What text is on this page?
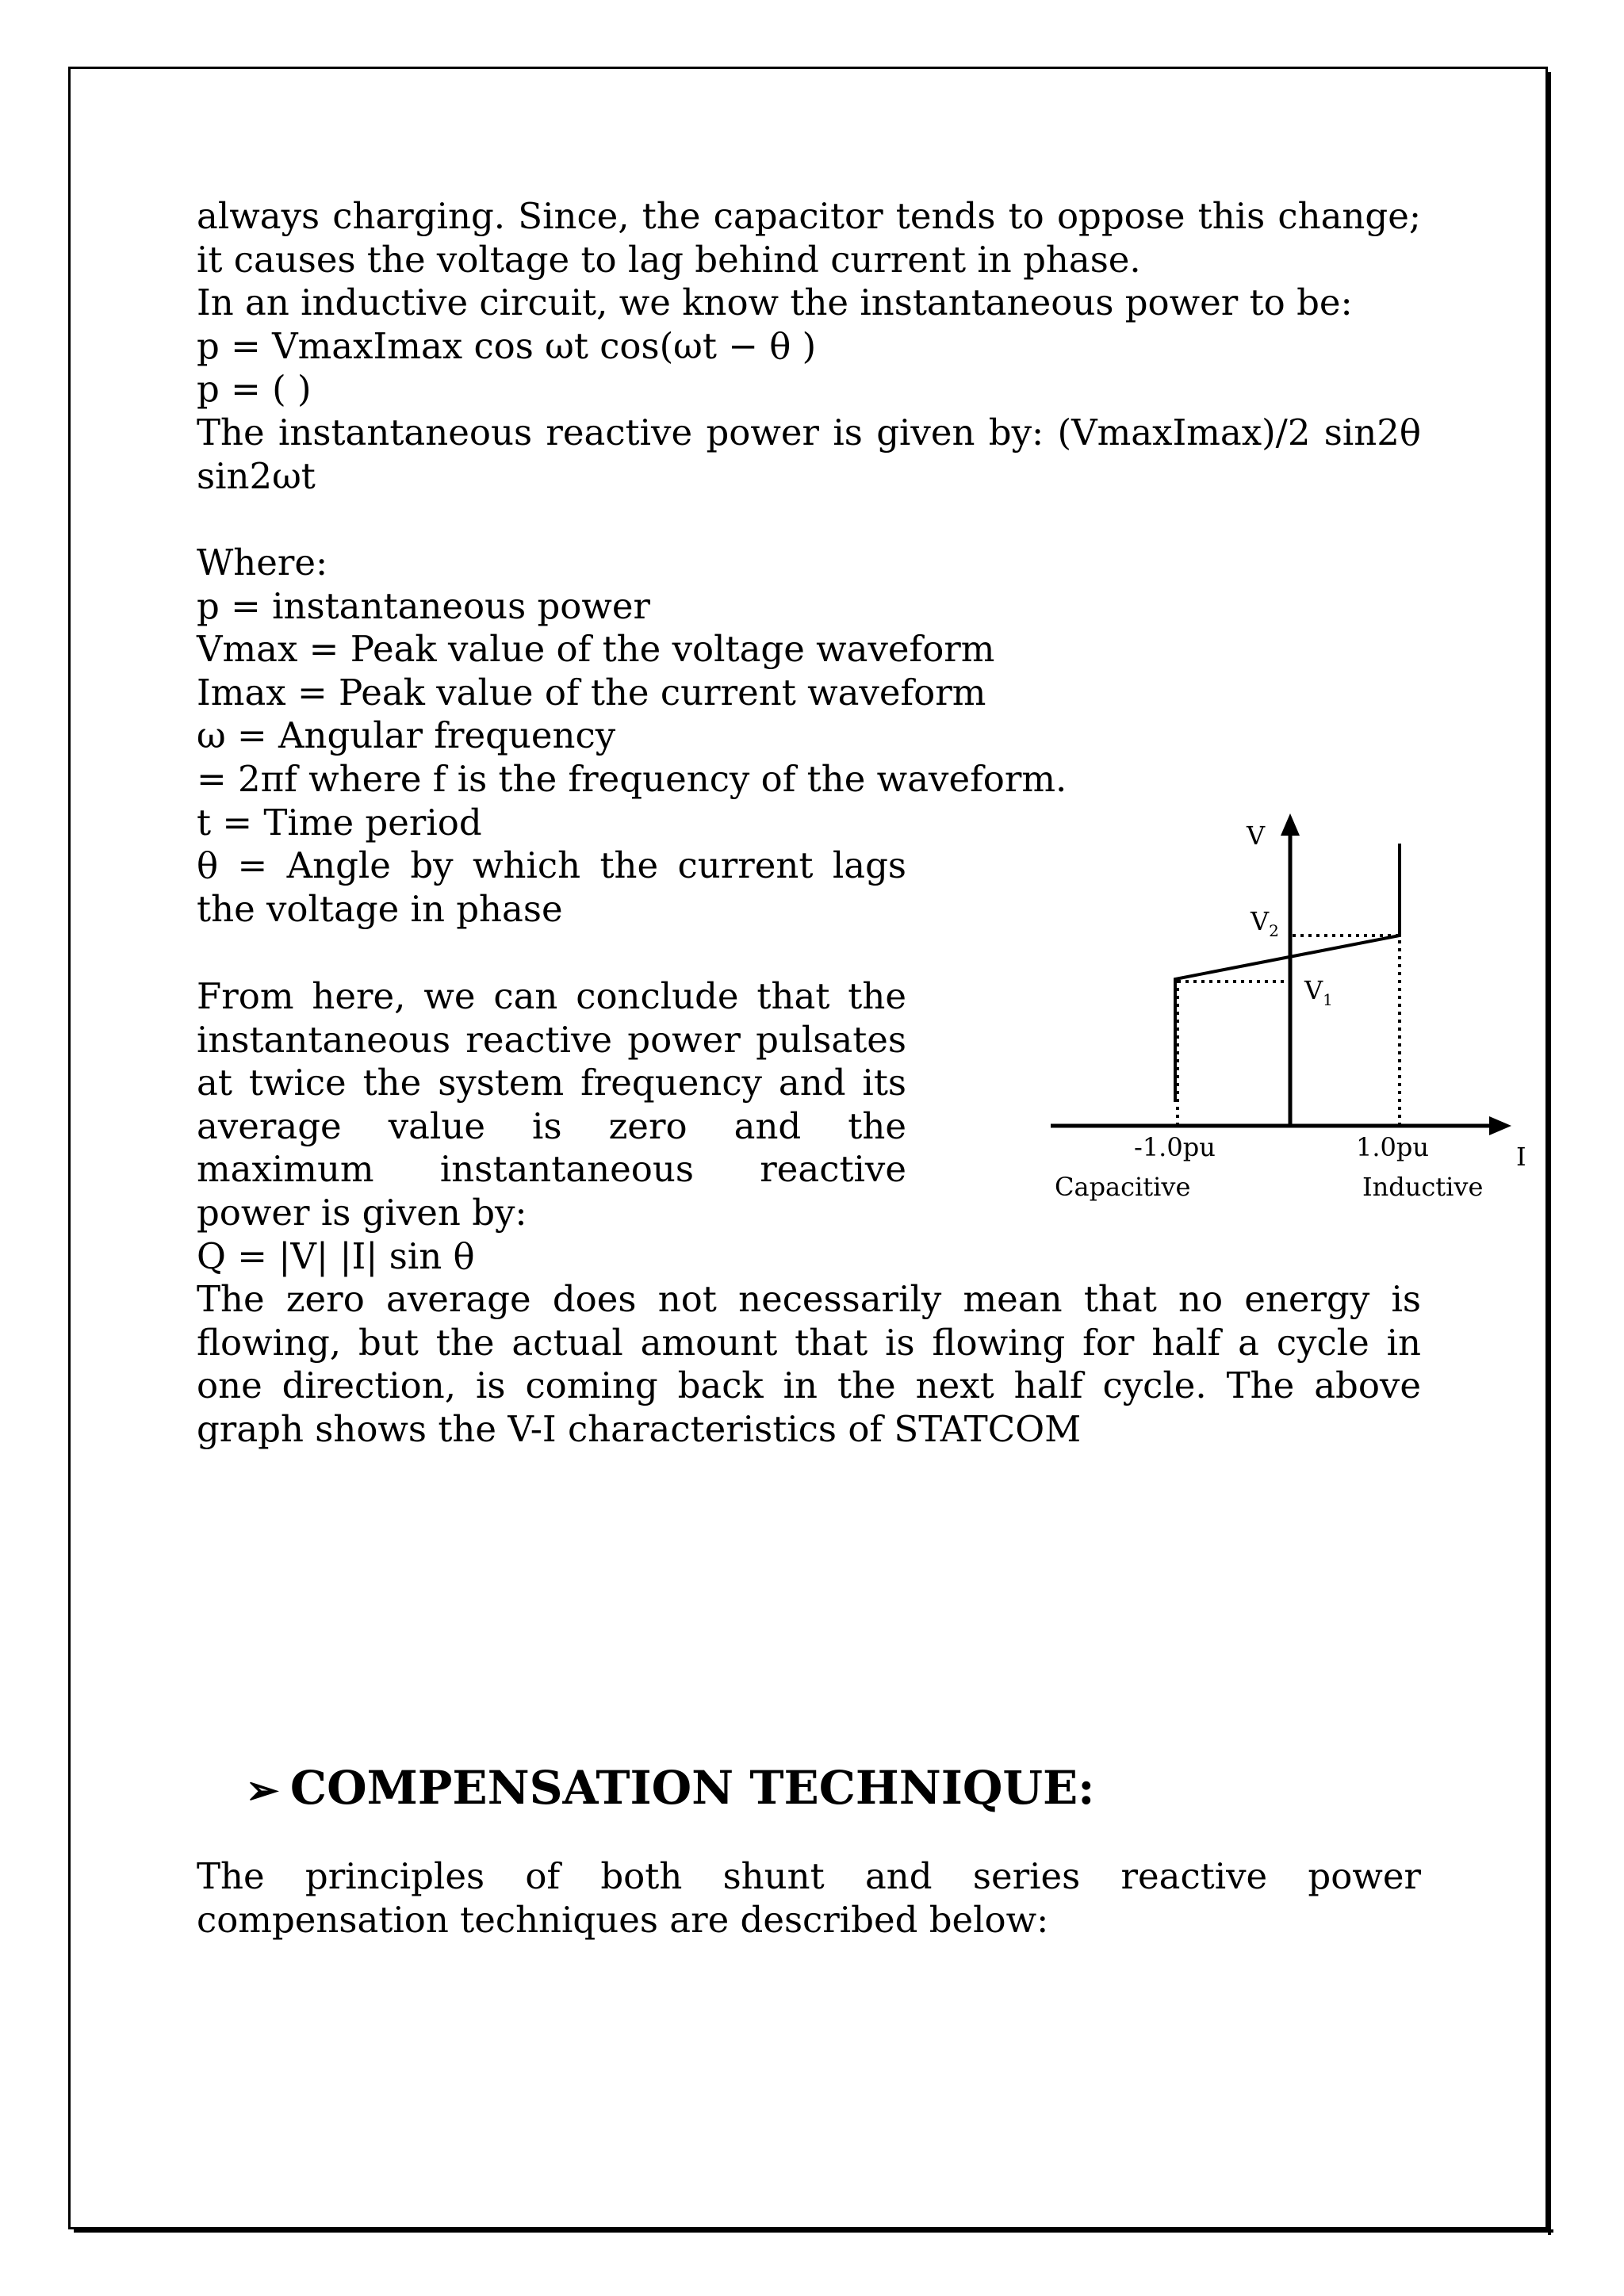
always charging. Since, the capacitor tends to oppose this change; it causes the voltage to lag behind current in phase.

In an inductive circuit, we know the instantaneous power to be:

p = VmaxImax cos ωt cos(ωt − θ )

p = ( )

The instantaneous reactive power is given by: (VmaxImax)/2 sin2θ sin2ωt

Where:

p = instantaneous power

Vmax = Peak value of the voltage waveform

Imax = Peak value of the current waveform

ω = Angular frequency

= 2πf where f is the frequency of the waveform.

t = Time period

θ = Angle by which the current lags the voltage in phase

From here, we can conclude that the instantaneous reactive power pulsates at twice the system frequency and its average value is zero and the maximum instantaneous reactive power is given by:

Q = |V| |I| sin θ

The zero average does not necessarily mean that no energy is flowing, but the actual amount that is flowing for half a cycle in one direction, is coming back in the next half cycle. The above graph shows the V-I characteristics of STATCOM

➢ COMPENSATION TECHNIQUE:

The principles of both shunt and series reactive power compensation techniques are described below:

V
I
$V_2$
$V_1$
-1.0pu	1.0pu
Capacitive	Inductive
